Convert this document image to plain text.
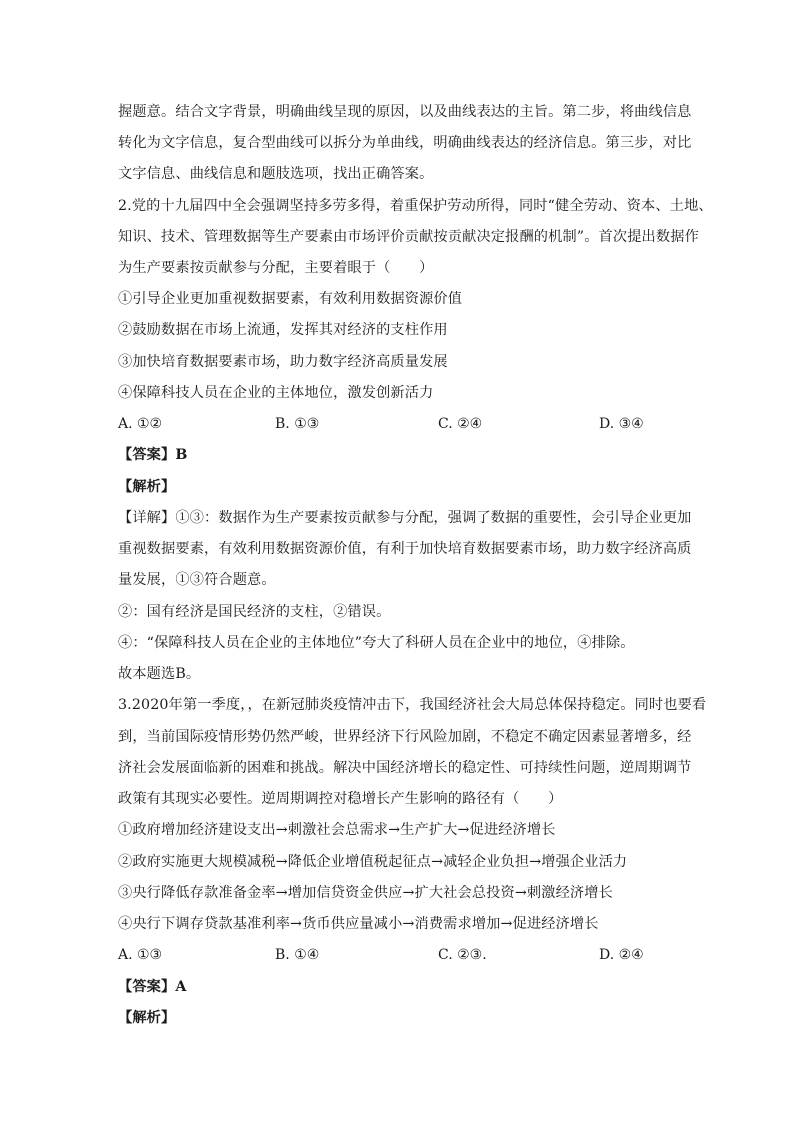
握题意。结合文字背景，明确曲线呈现的原因，以及曲线表达的主旨。第二步，将曲线信息
转化为文字信息，复合型曲线可以拆分为单曲线，明确曲线表达的经济信息。第三步，对比
文字信息、曲线信息和题肢选项，找出正确答案。
2.党的十九届四中全会强调坚持多劳多得，着重保护劳动所得，同时“健全劳动、资本、土地、
知识、技术、管理数据等生产要素由市场评价贡献按贡献决定报酬的机制”。首次提出数据作
为生产要素按贡献参与分配，主要着眼于（　　）
①引导企业更加重视数据要素，有效利用数据资源价值
②鼓励数据在市场上流通，发挥其对经济的支柱作用
③加快培育数据要素市场，助力数字经济高质量发展
④保障科技人员在企业的主体地位，激发创新活力
A. ①②	B. ①③	C. ②④	D. ③④
【答案】B
【解析】
【详解】①③：数据作为生产要素按贡献参与分配，强调了数据的重要性，会引导企业更加
重视数据要素，有效利用数据资源价值，有利于加快培育数据要素市场，助力数字经济高质
量发展，①③符合题意。
②：国有经济是国民经济的支柱，②错误。
④：“保障科技人员在企业的主体地位”夸大了科研人员在企业中的地位，④排除。
故本题选B。
3.2020年第一季度，，在新冠肺炎疫情冲击下，我国经济社会大局总体保持稳定。同时也要看
到，当前国际疫情形势仍然严峻，世界经济下行风险加剧，不稳定不确定因素显著增多，经
济社会发展面临新的困难和挑战。解决中国经济增长的稳定性、可持续性问题，逆周期调节
政策有其现实必要性。逆周期调控对稳增长产生影响的路径有（　　）
①政府增加经济建设支出→刺激社会总需求→生产扩大→促进经济增长
②政府实施更大规模减税→降低企业增值税起征点→减轻企业负担→增强企业活力
③央行降低存款准备金率→增加信贷资金供应→扩大社会总投资→刺激经济增长
④央行下调存贷款基准利率→货币供应量减小→消费需求增加→促进经济增长
A. ①③	B. ①④	C. ②③.	D. ②④
【答案】A
【解析】
